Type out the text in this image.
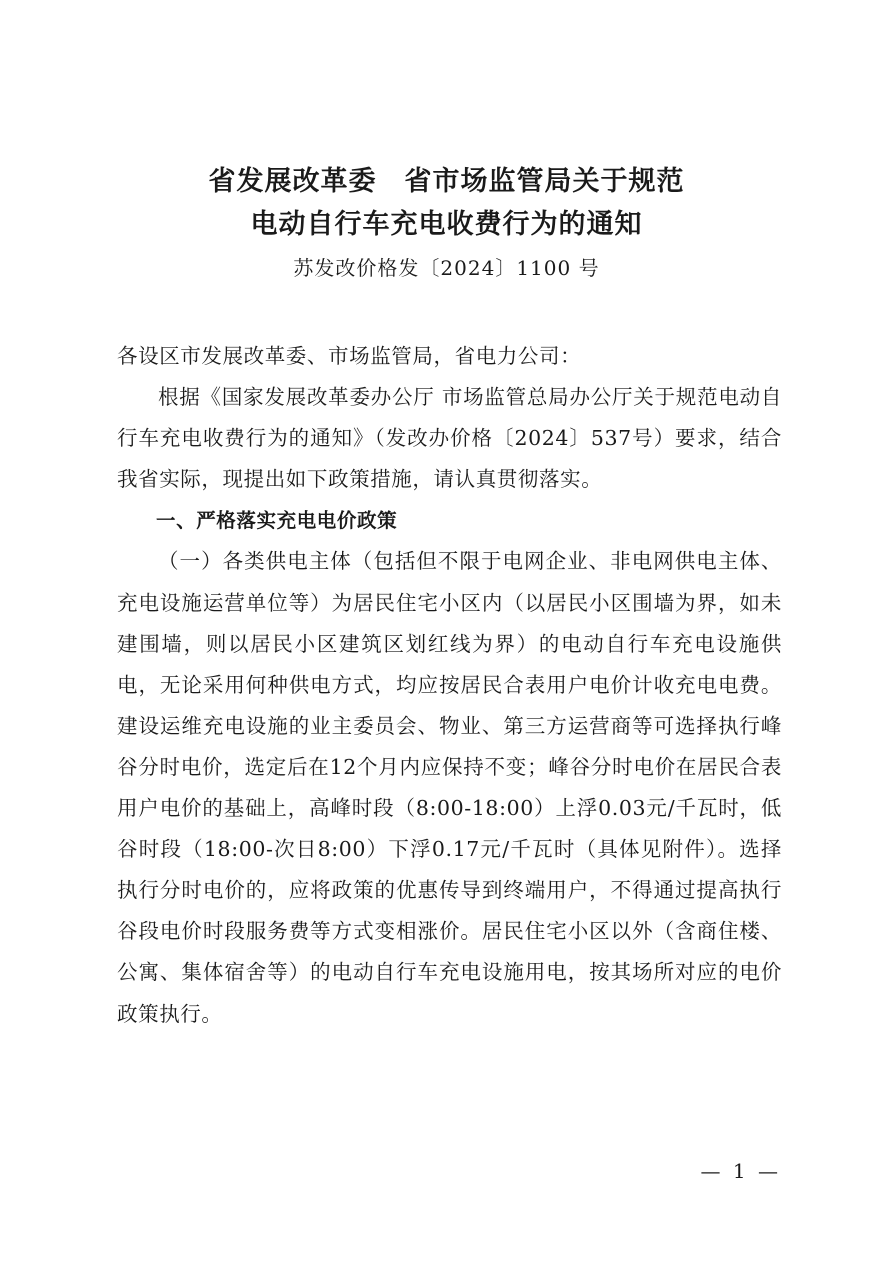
省发展改革委　省市场监管局关于规范
电动自行车充电收费行为的通知
苏发改价格发〔2024〕1100 号

各设区市发展改革委、市场监管局，省电力公司：

根据《国家发展改革委办公厅 市场监管总局办公厅关于规范电动自行车充电收费行为的通知》（发改办价格〔2024〕537号）要求，结合我省实际，现提出如下政策措施，请认真贯彻落实。

一、严格落实充电电价政策

（一）各类供电主体（包括但不限于电网企业、非电网供电主体、充电设施运营单位等）为居民住宅小区内（以居民小区围墙为界，如未建围墙，则以居民小区建筑区划红线为界）的电动自行车充电设施供电，无论采用何种供电方式，均应按居民合表用户电价计收充电电费。建设运维充电设施的业主委员会、物业、第三方运营商等可选择执行峰谷分时电价，选定后在12个月内应保持不变；峰谷分时电价在居民合表用户电价的基础上，高峰时段（8:00-18:00）上浮0.03元/千瓦时，低谷时段（18:00-次日8:00）下浮0.17元/千瓦时（具体见附件）。选择执行分时电价的，应将政策的优惠传导到终端用户，不得通过提高执行谷段电价时段服务费等方式变相涨价。居民住宅小区以外（含商住楼、公寓、集体宿舍等）的电动自行车充电设施用电，按其场所对应的电价政策执行。

— 1 —
